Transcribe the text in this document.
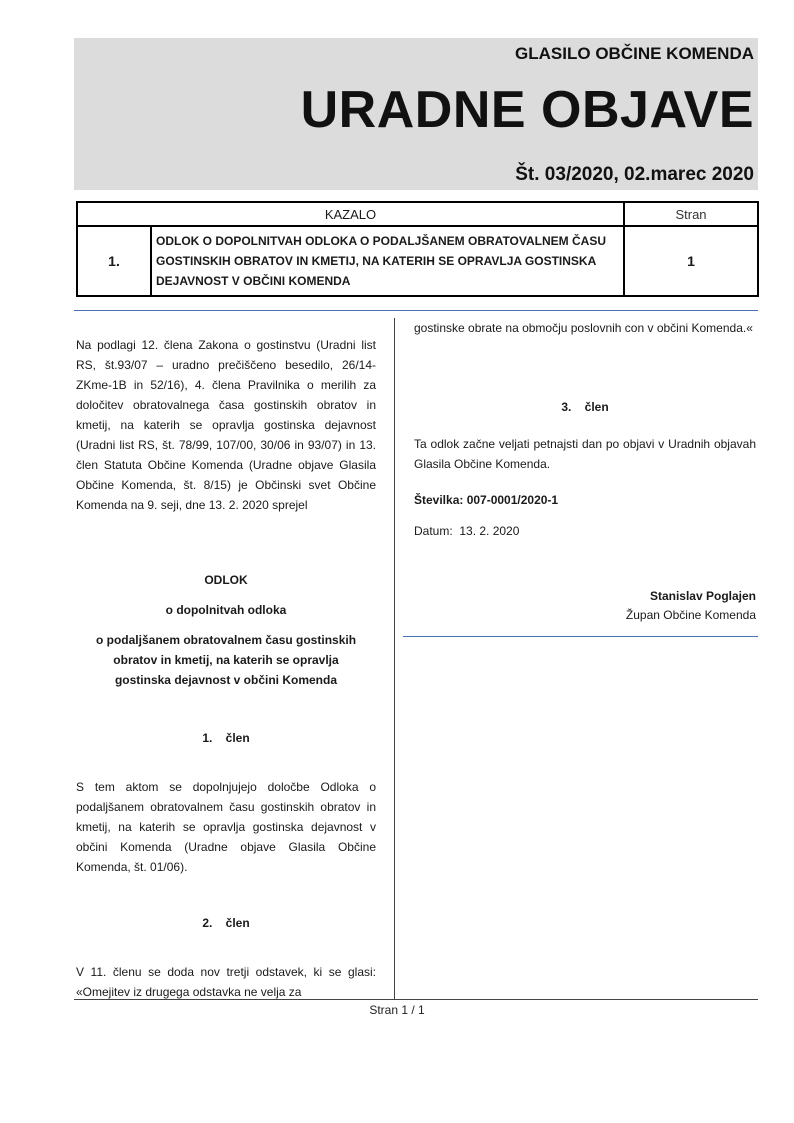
GLASILO OBČINE KOMENDA
URADNE OBJAVE
Št. 03/2020, 02.marec 2020
KAZALO		Stran
1.	ODLOK O DOPOLNITVAH ODLOKA O PODALJŠANEM OBRATOVALNEM ČASU GOSTINSKIH OBRATOV IN KMETIJ, NA KATERIH SE OPRAVLJA GOSTINSKA DEJAVNOST V OBČINI KOMENDA	1

Na podlagi 12. člena Zakona o gostinstvu (Uradni list RS, št.93/07 – uradno prečiščeno besedilo, 26/14-ZKme-1B in 52/16), 4. člena Pravilnika o merilih za določitev obratovalnega časa gostinskih obratov in kmetij, na katerih se opravlja gostinska dejavnost (Uradni list RS, št. 78/99, 107/00, 30/06 in 93/07) in 13. člen Statuta Občine Komenda (Uradne objave Glasila Občine Komenda, št. 8/15) je Občinski svet Občine Komenda na 9. seji, dne 13. 2. 2020 sprejel

ODLOK

o dopolnitvah odloka

o podaljšanem obratovalnem času gostinskih obratov in kmetij, na katerih se opravlja gostinska dejavnost v občini Komenda

1.    člen

S tem aktom se dopolnjujejo določbe Odloka o podaljšanem obratovalnem času gostinskih obratov in kmetij, na katerih se opravlja gostinska dejavnost v občini Komenda (Uradne objave Glasila Občine Komenda, št. 01/06).

2.    člen

V 11. členu se doda nov tretji odstavek, ki se glasi: «Omejitev iz drugega odstavka ne velja za

gostinske obrate na območju poslovnih con v občini Komenda.«

3.    člen

Ta odlok začne veljati petnajsti dan po objavi v Uradnih objavah Glasila Občine Komenda.

Številka: 007-0001/2020-1

Datum:  13. 2. 2020

Stanislav Poglajen

Župan Občine Komenda

Stran 1 / 1
